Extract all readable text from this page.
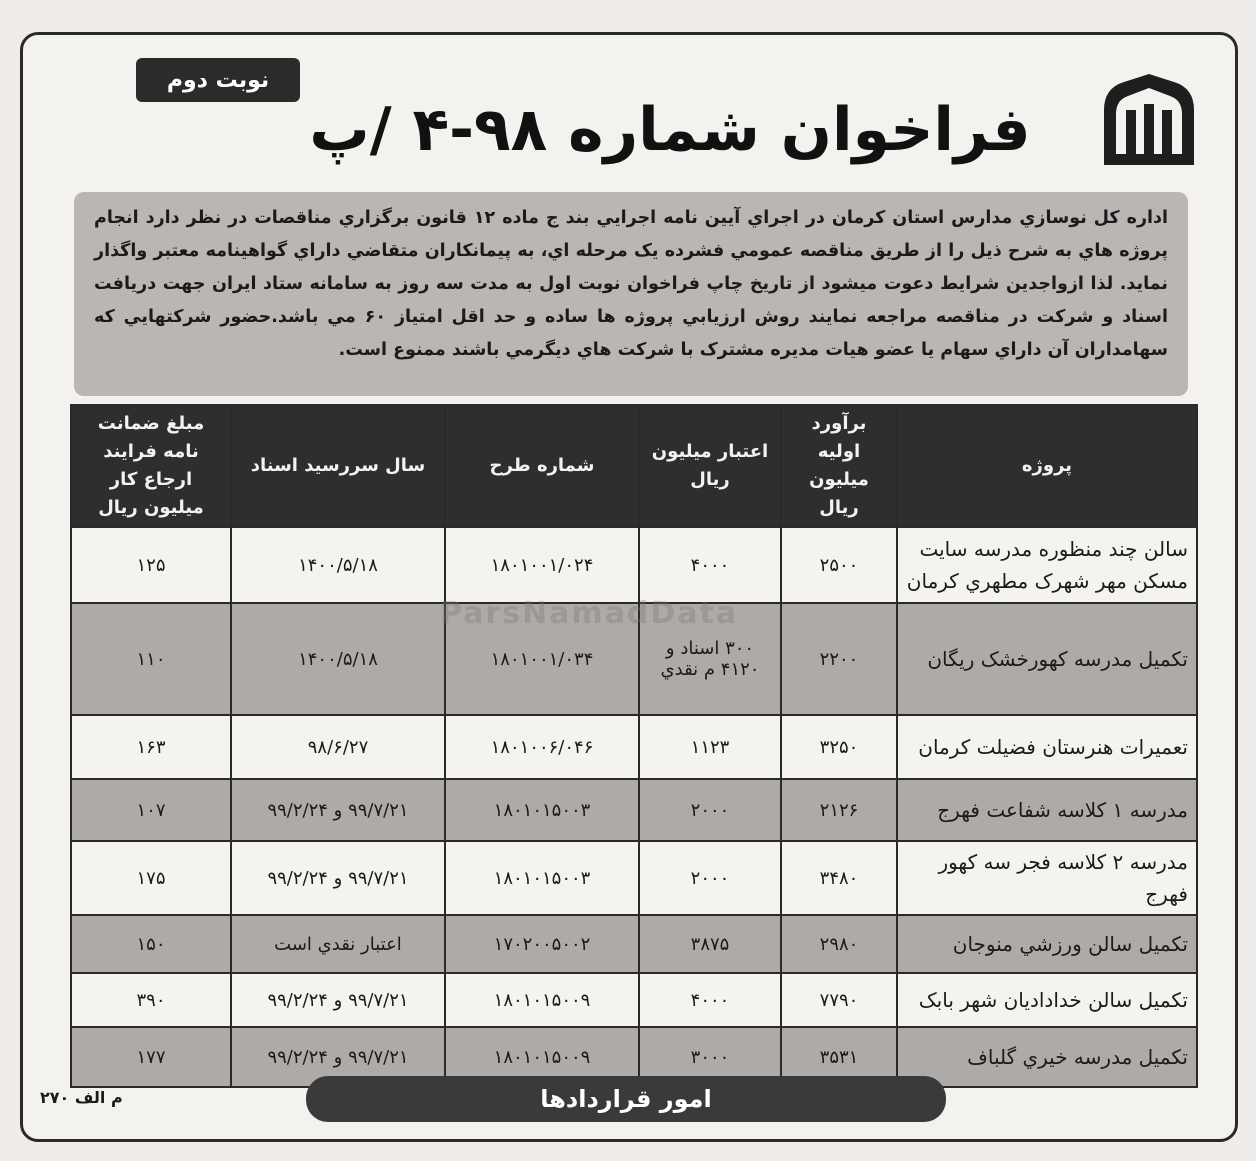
نوبت دوم
فراخوان شماره ۹۸-۴ /پ
اداره كل نوسازي مدارس استان كرمان در اجراي آيين نامه اجرايي بند ج ماده ۱۲ قانون برگزاري مناقصات در نظر دارد انجام پروژه هاي به شرح ذيل را از طريق مناقصه عمومي فشرده يک مرحله اي، به پيمانكاران متقاضي داراي گواهينامه معتبر واگذار نمايد. لذا ازواجدين شرايط دعوت ميشود از تاريخ چاپ فراخوان نوبت اول به مدت سه روز به سامانه ستاد ايران جهت دريافت اسناد و شركت در مناقصه مراجعه نمايند روش ارزيابي پروژه ها ساده و حد اقل امتياز ۶۰ مي باشد.حضور شركتهايي كه سهامداران آن داراي سهام يا عضو هيات مديره مشترک با شركت هاي ديگرمي باشند ممنوع است.
پروژه	برآورد اوليه ميليون ريال	اعتبار ميليون ريال	شماره طرح	سال سررسيد اسناد	مبلغ ضمانت نامه فرايند ارجاع كار ميليون ريال
سالن چند منظوره مدرسه سايت مسكن مهر شهرک مطهري كرمان	۲۵۰۰	۴۰۰۰	۱۸۰۱۰۰۱/۰۲۴	۱۴۰۰/۵/۱۸	۱۲۵
تكميل مدرسه كهورخشک ريگان	۲۲۰۰	۳۰۰ اسناد و ۴۱۲۰ م نقدي	۱۸۰۱۰۰۱/۰۳۴	۱۴۰۰/۵/۱۸	۱۱۰
تعميرات هنرستان فضيلت كرمان	۳۲۵۰	۱۱۲۳	۱۸۰۱۰۰۶/۰۴۶	۹۸/۶/۲۷	۱۶۳
مدرسه ۱ كلاسه شفاعت فهرج	۲۱۲۶	۲۰۰۰	۱۸۰۱۰۱۵۰۰۳	۹۹/۷/۲۱ و ۹۹/۲/۲۴	۱۰۷
مدرسه ۲ كلاسه فجر سه كهور فهرج	۳۴۸۰	۲۰۰۰	۱۸۰۱۰۱۵۰۰۳	۹۹/۷/۲۱ و ۹۹/۲/۲۴	۱۷۵
تكميل سالن ورزشي منوجان	۲۹۸۰	۳۸۷۵	۱۷۰۲۰۰۵۰۰۲	اعتبار نقدي است	۱۵۰
تكميل سالن خداداديان شهر بابک	۷۷۹۰	۴۰۰۰	۱۸۰۱۰۱۵۰۰۹	۹۹/۷/۲۱ و ۹۹/۲/۲۴	۳۹۰
تكميل مدرسه خيري گلباف	۳۵۳۱	۳۰۰۰	۱۸۰۱۰۱۵۰۰۹	۹۹/۷/۲۱ و ۹۹/۲/۲۴	۱۷۷
ParsNamadData
امور قراردادها
م الف ۲۷۰
